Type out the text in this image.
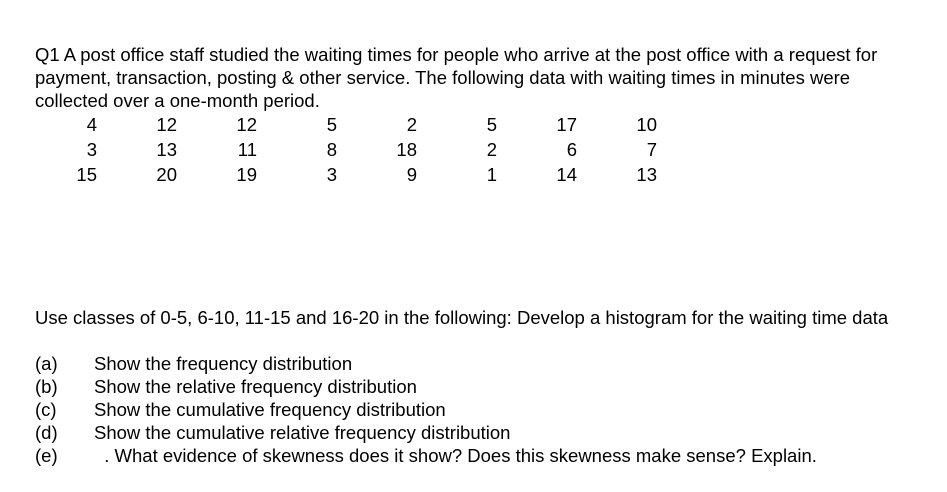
Q1 A post office staff studied the waiting times for people who arrive at the post office with a request for payment, transaction, posting & other service. The following data with waiting times in minutes were collected over a one-month period.

4	12	12	5	2	5	17	10
3	13	11	8	18	2	6	7
15	20	19	3	9	1	14	13

Use classes of 0-5, 6-10, 11-15 and 16-20 in the following: Develop a histogram for the waiting time data

(a)	Show the frequency distribution
(b)	Show the relative frequency distribution
(c)	Show the cumulative frequency distribution
(d)	Show the cumulative relative frequency distribution
(e)	. What evidence of skewness does it show? Does this skewness make sense? Explain.
